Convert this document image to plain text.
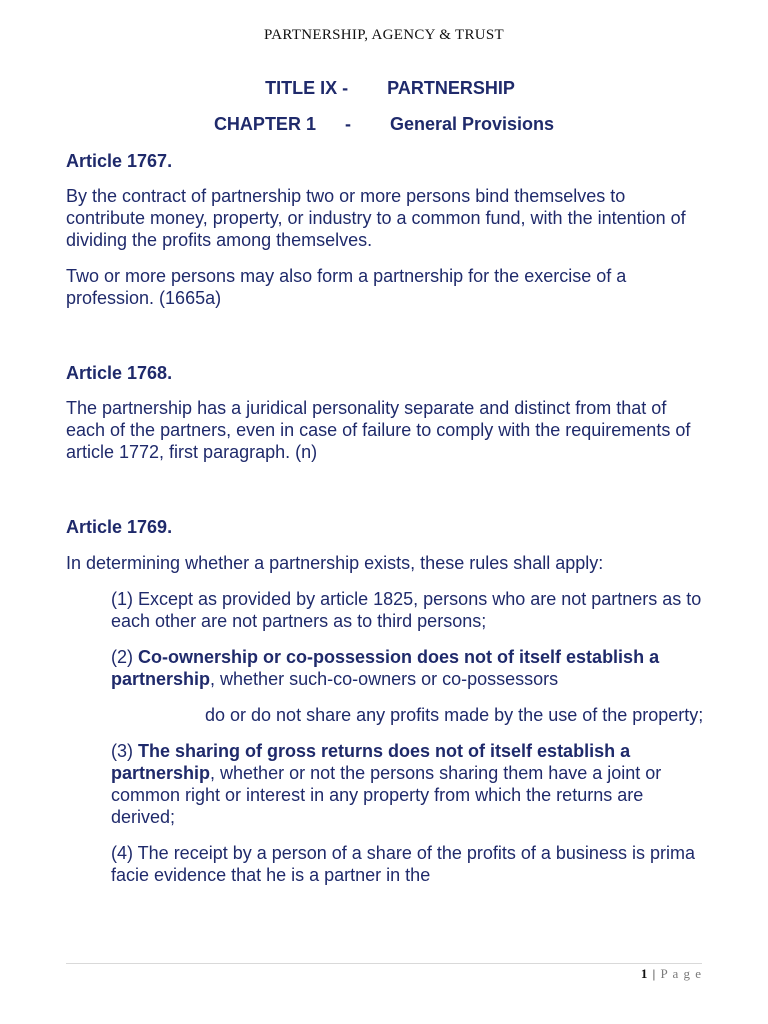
PARTNERSHIP, AGENCY & TRUST
TITLE IX - PARTNERSHIP
CHAPTER 1 - General Provisions

Article 1767.

By the contract of partnership two or more persons bind themselves to contribute money, property, or industry to a common fund, with the intention of dividing the profits among themselves.

Two or more persons may also form a partnership for the exercise of a profession. (1665a)

Article 1768.

The partnership has a juridical personality separate and distinct from that of each of the partners, even in case of failure to comply with the requirements of article 1772, first paragraph. (n)

Article 1769.

In determining whether a partnership exists, these rules shall apply:

(1) Except as provided by article 1825, persons who are not partners as to each other are not partners as to third persons;

(2) Co-ownership or co-possession does not of itself establish a partnership, whether such-co-owners or co-possessors

do or do not share any profits made by the use of the property;

(3) The sharing of gross returns does not of itself establish a partnership, whether or not the persons sharing them have a joint or common right or interest in any property from which the returns are derived;

(4) The receipt by a person of a share of the profits of a business is prima facie evidence that he is a partner in the

1 | P a g e
